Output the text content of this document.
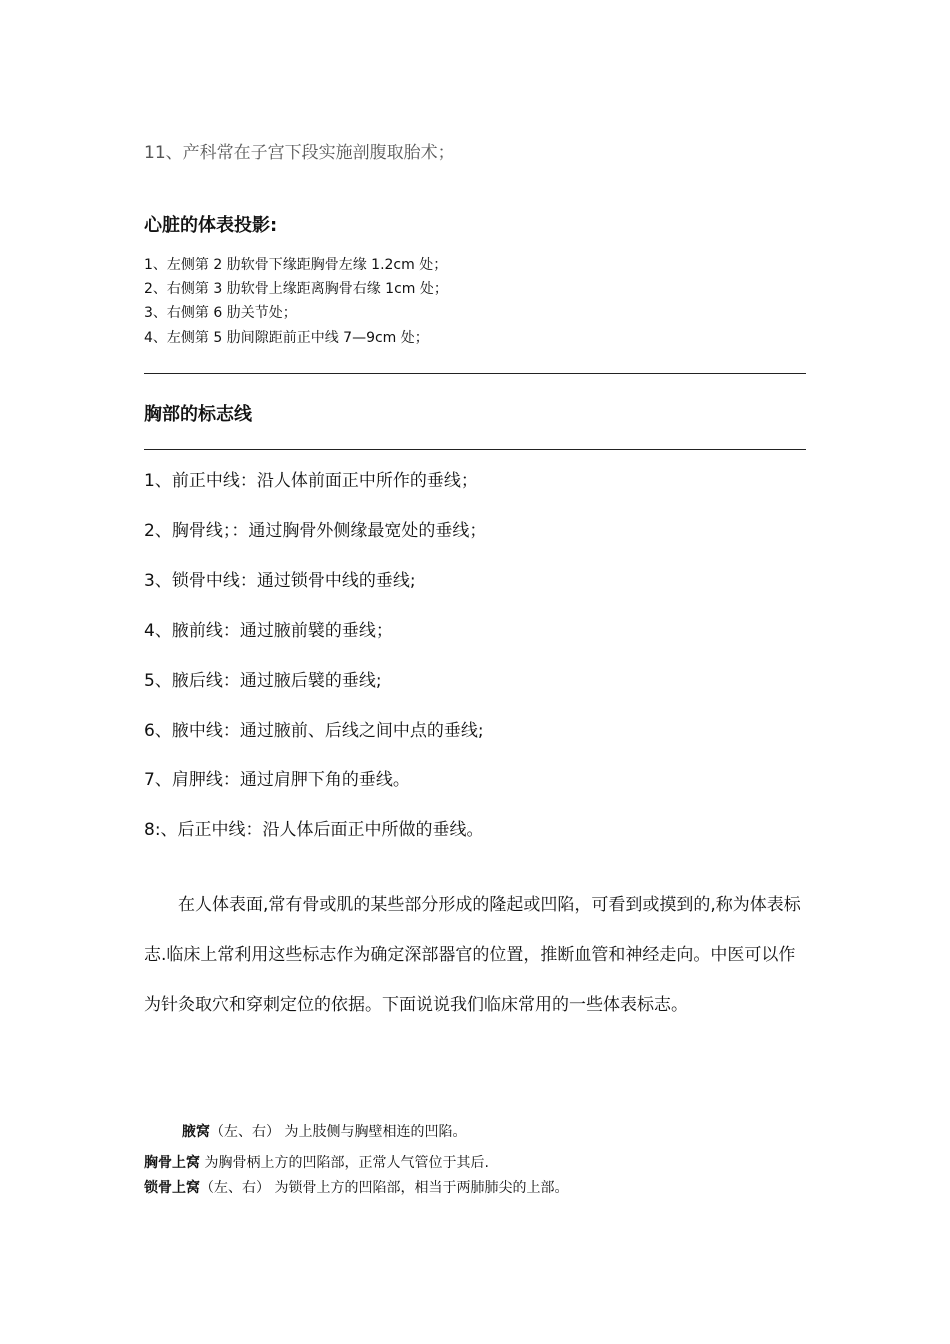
11、产科常在子宫下段实施剖腹取胎术；
心脏的体表投影:
1、左侧第 2 肋软骨下缘距胸骨左缘 1.2cm 处；
2、右侧第 3 肋软骨上缘距离胸骨右缘 1cm 处；
3、右侧第 6 肋关节处；
4、左侧第 5 肋间隙距前正中线 7—9cm 处；
胸部的标志线
1、前正中线：沿人体前面正中所作的垂线；
2、胸骨线；：通过胸骨外侧缘最宽处的垂线；
3、锁骨中线：通过锁骨中线的垂线;
4、腋前线：通过腋前襞的垂线；
5、腋后线：通过腋后襞的垂线;
6、腋中线：通过腋前、后线之间中点的垂线;
7、肩胛线：通过肩胛下角的垂线。
8:、后正中线：沿人体后面正中所做的垂线。
在人体表面,常有骨或肌的某些部分形成的隆起或凹陷，可看到或摸到的,称为体表标志.临床上常利用这些标志作为确定深部器官的位置，推断血管和神经走向。中医可以作为针灸取穴和穿刺定位的依据。下面说说我们临床常用的一些体表标志。
腋窝（左、右） 为上肢侧与胸壁相连的凹陷。
胸骨上窝 为胸骨柄上方的凹陷部，正常人气管位于其后.
锁骨上窝（左、右） 为锁骨上方的凹陷部，相当于两肺肺尖的上部。
